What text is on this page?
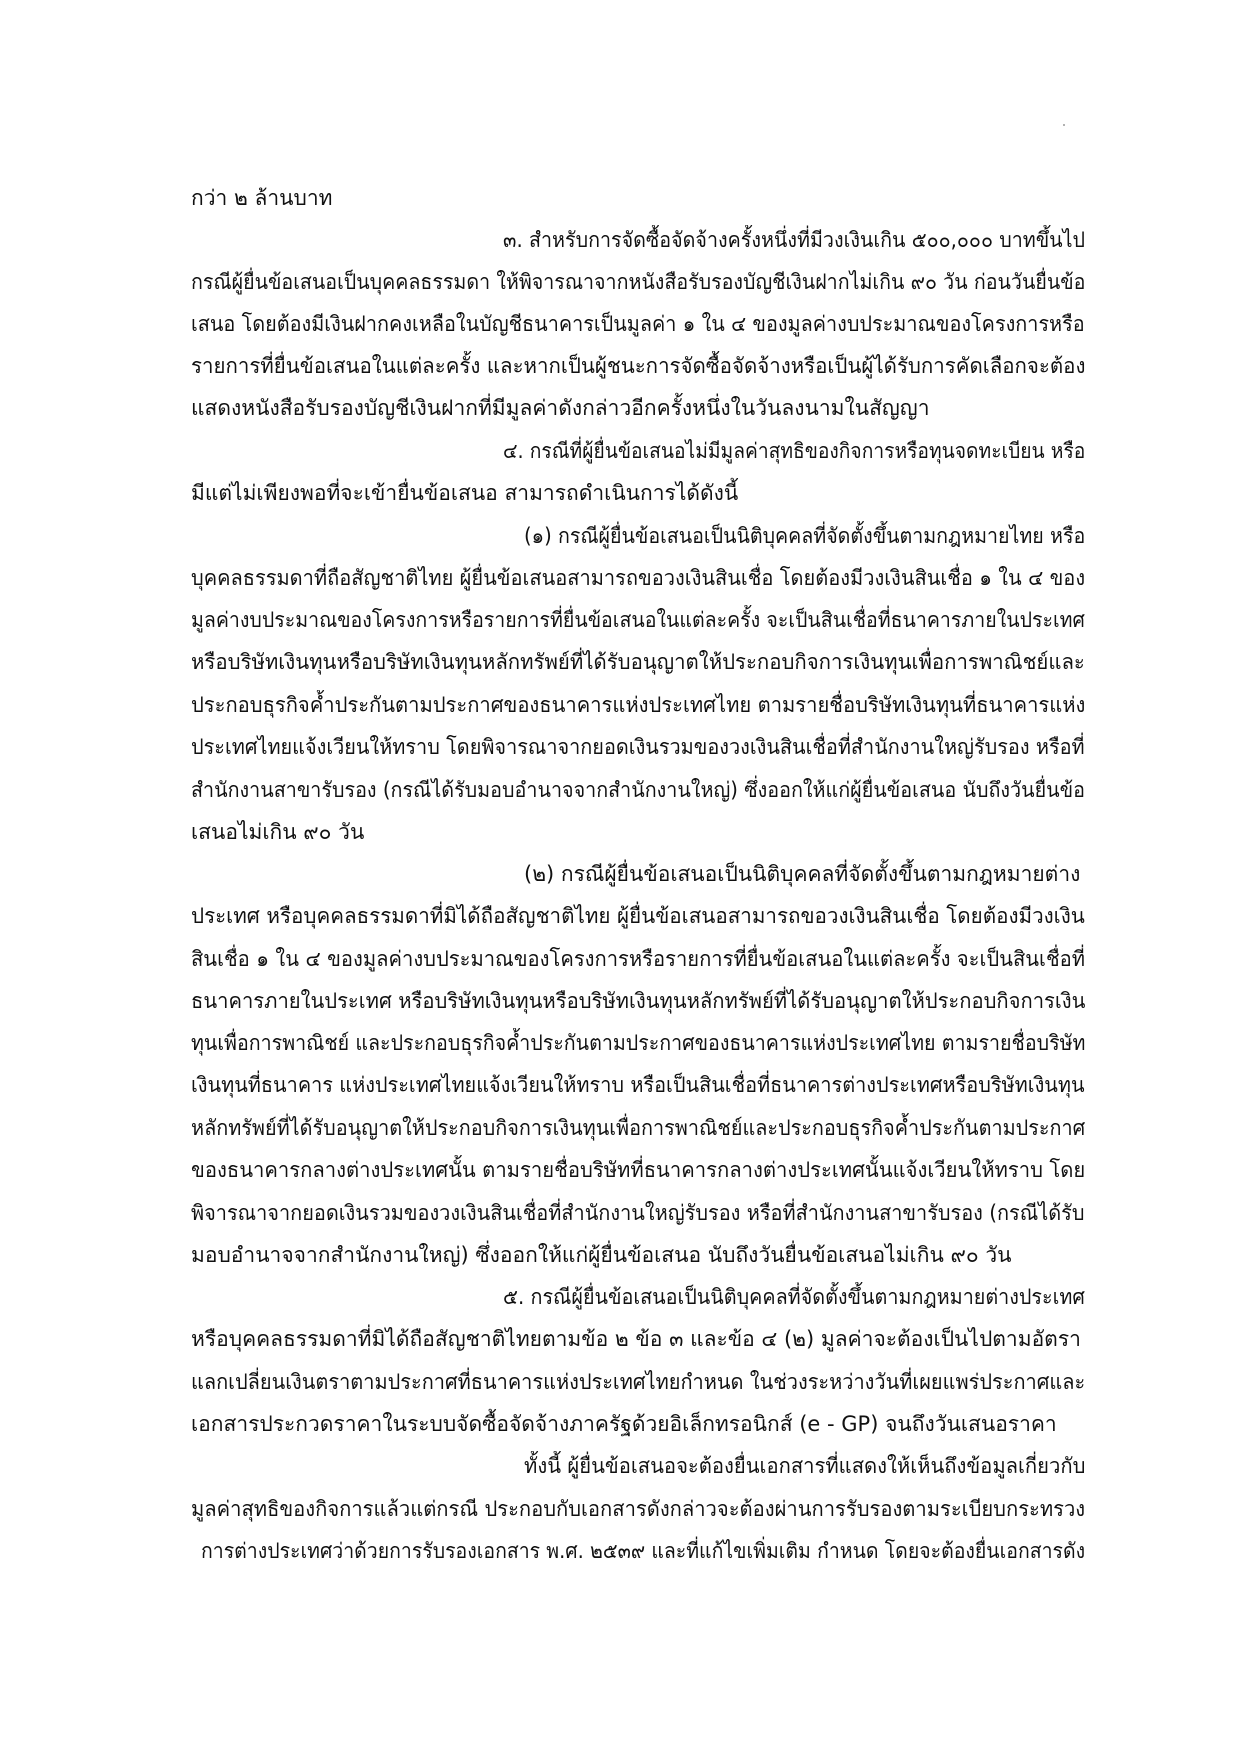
กว่า ๒ ล้านบาท
๓. สำหรับการจัดซื้อจัดจ้างครั้งหนึ่งที่มีวงเงินเกิน ๕๐๐,๐๐๐ บาทขึ้นไป
กรณีผู้ยื่นข้อเสนอเป็นบุคคลธรรมดา ให้พิจารณาจากหนังสือรับรองบัญชีเงินฝากไม่เกิน ๙๐ วัน ก่อนวันยื่นข้อ
เสนอ โดยต้องมีเงินฝากคงเหลือในบัญชีธนาคารเป็นมูลค่า ๑ ใน ๔ ของมูลค่างบประมาณของโครงการหรือ
รายการที่ยื่นข้อเสนอในแต่ละครั้ง และหากเป็นผู้ชนะการจัดซื้อจัดจ้างหรือเป็นผู้ได้รับการคัดเลือกจะต้อง
แสดงหนังสือรับรองบัญชีเงินฝากที่มีมูลค่าดังกล่าวอีกครั้งหนึ่งในวันลงนามในสัญญา
๔. กรณีที่ผู้ยื่นข้อเสนอไม่มีมูลค่าสุทธิของกิจการหรือทุนจดทะเบียน หรือ
มีแต่ไม่เพียงพอที่จะเข้ายื่นข้อเสนอ สามารถดำเนินการได้ดังนี้
(๑) กรณีผู้ยื่นข้อเสนอเป็นนิติบุคคลที่จัดตั้งขึ้นตามกฎหมายไทย หรือ
บุคคลธรรมดาที่ถือสัญชาติไทย ผู้ยื่นข้อเสนอสามารถขอวงเงินสินเชื่อ โดยต้องมีวงเงินสินเชื่อ ๑ ใน ๔ ของ
มูลค่างบประมาณของโครงการหรือรายการที่ยื่นข้อเสนอในแต่ละครั้ง จะเป็นสินเชื่อที่ธนาคารภายในประเทศ
หรือบริษัทเงินทุนหรือบริษัทเงินทุนหลักทรัพย์ที่ได้รับอนุญาตให้ประกอบกิจการเงินทุนเพื่อการพาณิชย์และ
ประกอบธุรกิจค้ำประกันตามประกาศของธนาคารแห่งประเทศไทย ตามรายชื่อบริษัทเงินทุนที่ธนาคารแห่ง
ประเทศไทยแจ้งเวียนให้ทราบ โดยพิจารณาจากยอดเงินรวมของวงเงินสินเชื่อที่สำนักงานใหญ่รับรอง หรือที่
สำนักงานสาขารับรอง (กรณีได้รับมอบอำนาจจากสำนักงานใหญ่) ซึ่งออกให้แก่ผู้ยื่นข้อเสนอ นับถึงวันยื่นข้อ
เสนอไม่เกิน ๙๐ วัน
(๒) กรณีผู้ยื่นข้อเสนอเป็นนิติบุคคลที่จัดตั้งขึ้นตามกฎหมายต่าง
ประเทศ หรือบุคคลธรรมดาที่มิได้ถือสัญชาติไทย ผู้ยื่นข้อเสนอสามารถขอวงเงินสินเชื่อ โดยต้องมีวงเงิน
สินเชื่อ ๑ ใน ๔ ของมูลค่างบประมาณของโครงการหรือรายการที่ยื่นข้อเสนอในแต่ละครั้ง จะเป็นสินเชื่อที่
ธนาคารภายในประเทศ หรือบริษัทเงินทุนหรือบริษัทเงินทุนหลักทรัพย์ที่ได้รับอนุญาตให้ประกอบกิจการเงิน
ทุนเพื่อการพาณิชย์ และประกอบธุรกิจค้ำประกันตามประกาศของธนาคารแห่งประเทศไทย ตามรายชื่อบริษัท
เงินทุนที่ธนาคาร แห่งประเทศไทยแจ้งเวียนให้ทราบ หรือเป็นสินเชื่อที่ธนาคารต่างประเทศหรือบริษัทเงินทุน
หลักทรัพย์ที่ได้รับอนุญาตให้ประกอบกิจการเงินทุนเพื่อการพาณิชย์และประกอบธุรกิจค้ำประกันตามประกาศ
ของธนาคารกลางต่างประเทศนั้น ตามรายชื่อบริษัทที่ธนาคารกลางต่างประเทศนั้นแจ้งเวียนให้ทราบ โดย
พิจารณาจากยอดเงินรวมของวงเงินสินเชื่อที่สำนักงานใหญ่รับรอง หรือที่สำนักงานสาขารับรอง (กรณีได้รับ
มอบอำนาจจากสำนักงานใหญ่) ซึ่งออกให้แก่ผู้ยื่นข้อเสนอ นับถึงวันยื่นข้อเสนอไม่เกิน ๙๐ วัน
๕. กรณีผู้ยื่นข้อเสนอเป็นนิติบุคคลที่จัดตั้งขึ้นตามกฎหมายต่างประเทศ
หรือบุคคลธรรมดาที่มิได้ถือสัญชาติไทยตามข้อ ๒ ข้อ ๓ และข้อ ๔ (๒) มูลค่าจะต้องเป็นไปตามอัตรา
แลกเปลี่ยนเงินตราตามประกาศที่ธนาคารแห่งประเทศไทยกำหนด ในช่วงระหว่างวันที่เผยแพร่ประกาศและ
เอกสารประกวดราคาในระบบจัดซื้อจัดจ้างภาครัฐด้วยอิเล็กทรอนิกส์ (e - GP) จนถึงวันเสนอราคา
ทั้งนี้ ผู้ยื่นข้อเสนอจะต้องยื่นเอกสารที่แสดงให้เห็นถึงข้อมูลเกี่ยวกับ
มูลค่าสุทธิของกิจการแล้วแต่กรณี ประกอบกับเอกสารดังกล่าวจะต้องผ่านการรับรองตามระเบียบกระทรวง
การต่างประเทศว่าด้วยการรับรองเอกสาร พ.ศ. ๒๕๓๙ และที่แก้ไขเพิ่มเติม กำหนด โดยจะต้องยื่นเอกสารดัง
